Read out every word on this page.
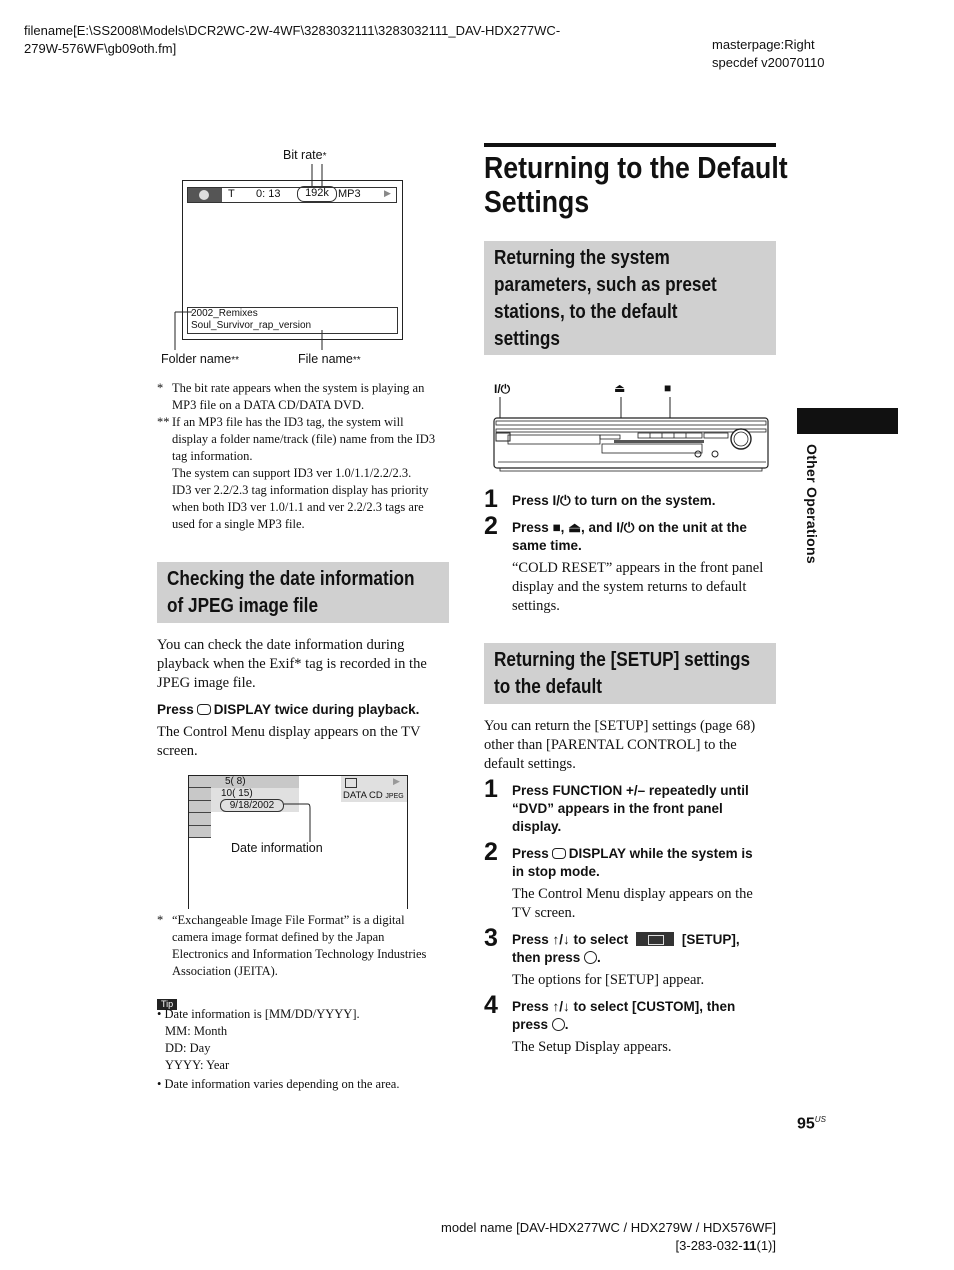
filename[E:\SS2008\Models\DCR2WC-2W-4WF\3283032111\3283032111_DAV-HDX277WC-
279W-576WF\gb09oth.fm]	masterpage:Right
specdef v20070110
Bit rate*
T 0: 13	192k MP3	▶
2002_Remixes
Soul_Survivor_rap_version
Folder name**	File name**
* The bit rate appears when the system is playing an
MP3 file on a DATA CD/DATA DVD.
** If an MP3 file has the ID3 tag, the system will
display a folder name/track (file) name from the ID3
tag information.
The system can support ID3 ver 1.0/1.1/2.2/2.3.
ID3 ver 2.2/2.3 tag information display has priority
when both ID3 ver 1.0/1.1 and ver 2.2/2.3 tags are
used for a single MP3 file.
Checking the date information
of JPEG image file
You can check the date information during
playback when the Exif* tag is recorded in the
JPEG image file.
Press DISPLAY twice during playback.
The Control Menu display appears on the TV
screen.
5( 8)
10( 15)
9/18/2002
▶
DATA CD JPEG
Date information
* “Exchangeable Image File Format” is a digital
camera image format defined by the Japan
Electronics and Information Technology Industries
Association (JEITA).
Tip
• Date information is [MM/DD/YYYY].
MM: Month
DD: Day
YYYY: Year
• Date information varies depending on the area.
Returning to the Default
Settings
Returning the system
parameters, such as preset
stations, to the default
settings
I/⏻	⏏	■
1 Press I/⏻ to turn on the system.
2 Press ■, ⏏, and I/⏻ on the unit at the
same time.
“COLD RESET” appears in the front panel
display and the system returns to default
settings.
Returning the [SETUP] settings
to the default
You can return the [SETUP] settings (page 68)
other than [PARENTAL CONTROL] to the
default settings.
1 Press FUNCTION +/– repeatedly until
“DVD” appears in the front panel
display.
2 Press DISPLAY while the system is
in stop mode.
The Control Menu display appears on the
TV screen.
3 Press ↑/↓ to select	[SETUP],
then press .
The options for [SETUP] appear.
4 Press ↑/↓ to select [CUSTOM], then
press .
The Setup Display appears.
Other Operations
$95^{US}$
model name [DAV-HDX277WC / HDX279W / HDX576WF]
[3-283-032-11(1)]
